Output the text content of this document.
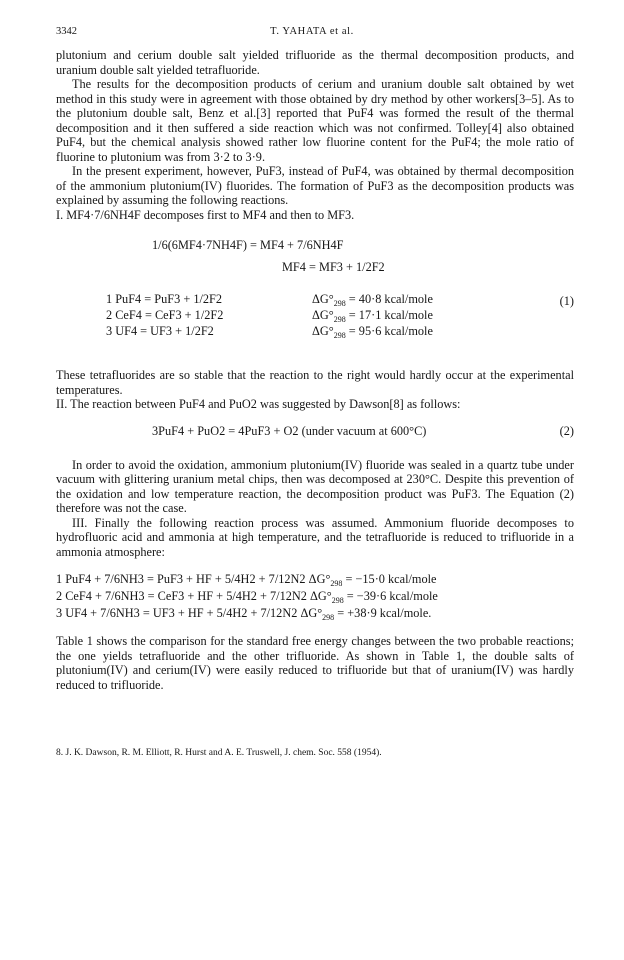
3342	T. YAHATA et al.

plutonium and cerium double salt yielded trifluoride as the thermal decomposition products, and uranium double salt yielded tetrafluoride.

The results for the decomposition products of cerium and uranium double salt obtained by wet method in this study were in agreement with those obtained by dry method by other workers[3–5]. As to the plutonium double salt, Benz et al.[3] reported that PuF4 was formed the result of the thermal decomposition and it then suffered a side reaction which was not confirmed. Tolley[4] also obtained PuF4, but the chemical analysis showed rather low fluorine content for the PuF4; the mole ratio of fluorine to plutonium was from 3·2 to 3·9.

In the present experiment, however, PuF3, instead of PuF4, was obtained by thermal decomposition of the ammonium plutonium(IV) fluorides. The formation of PuF3 as the decomposition products was explained by assuming the following reactions.

I. MF4·7/6NH4F decomposes first to MF4 and then to MF3.

1/6(6MF4·7NH4F) = MF4 + 7/6NH4F
MF4 = MF3 + 1/2F2
(1)
1 PuF4 = PuF3 + 1/2F2	$\Delta G^\circ_{298} = 40\cdot 8$ kcal/mole
2 CeF4 = CeF3 + 1/2F2	$\Delta G^\circ_{298} = 17\cdot 1$ kcal/mole
3 UF4 = UF3 + 1/2F2	$\Delta G^\circ_{298} = 95\cdot 6$ kcal/mole

These tetrafluorides are so stable that the reaction to the right would hardly occur at the experimental temperatures.

II. The reaction between PuF4 and PuO2 was suggested by Dawson[8] as follows:

3PuF4 + PuO2 = 4PuF3 + O2 (under vacuum at 600°C)	(2)

In order to avoid the oxidation, ammonium plutonium(IV) fluoride was sealed in a quartz tube under vacuum with glittering uranium metal chips, then was decomposed at 230°C. Despite this prevention of the oxidation and low temperature reaction, the decomposition product was PuF3. The Equation (2) therefore was not the case.

III. Finally the following reaction process was assumed. Ammonium fluoride decomposes to hydrofluoric acid and ammonia at high temperature, and the tetrafluoride is reduced to trifluoride in a ammonia atmosphere:

1 PuF4 + 7/6NH3 = PuF3 + HF + 5/4H2 + 7/12N2 $\Delta G^\circ_{298} = -15\cdot 0$ kcal/mole
2 CeF4 + 7/6NH3 = CeF3 + HF + 5/4H2 + 7/12N2 $\Delta G^\circ_{298} = -39\cdot 6$ kcal/mole
3 UF4 + 7/6NH3 = UF3 + HF + 5/4H2 + 7/12N2 $\Delta G^\circ_{298} = +38\cdot 9$ kcal/mole.

Table 1 shows the comparison for the standard free energy changes between the two probable reactions; the one yields tetrafluoride and the other trifluoride. As shown in Table 1, the double salts of plutonium(IV) and cerium(IV) were easily reduced to trifluoride but that of uranium(IV) was hardly reduced to trifluoride.

8. J. K. Dawson, R. M. Elliott, R. Hurst and A. E. Truswell, J. chem. Soc. 558 (1954).
